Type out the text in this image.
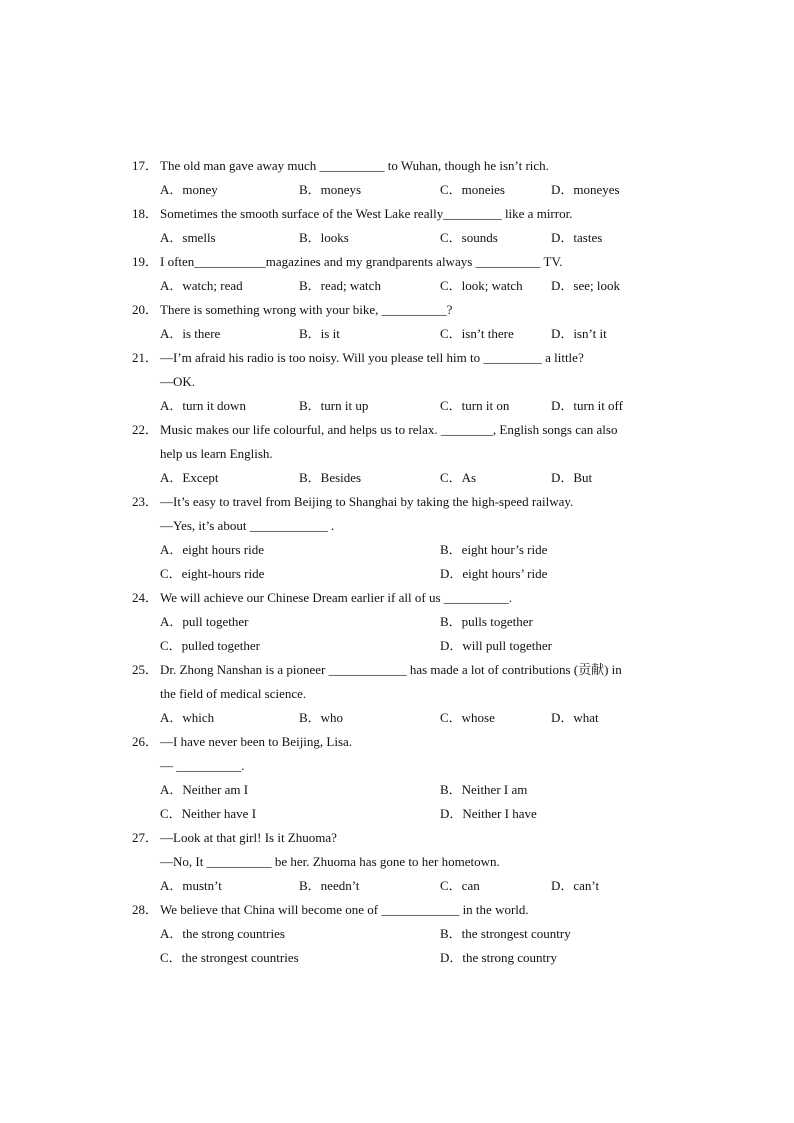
17． The old man gave away much __________ to Wuhan, though he isn’t rich.
A．money	B．moneys	C．moneies	D．moneyes
18． Sometimes the smooth surface of the West Lake really_________ like a mirror.
A．smells	B．looks	C．sounds	D．tastes
19． I often___________magazines and my grandparents always __________ TV.
A．watch; read	B．read; watch	C．look; watch D．see; look
20． There is something wrong with your bike, __________?
A．is there	B．is it	C．isn’t there	D．isn’t it
21． —I’m afraid his radio is too noisy. Will you please tell him to _________ a little?
—OK.
A．turn it down	B．turn it up	C．turn it on	D．turn it off
22． Music makes our life colourful, and helps us to relax. ________, English songs can also
help us learn English.
A．Except	B．Besides	C．As	D．But
23． —It’s easy to travel from Beijing to Shanghai by taking the high-speed railway.
—Yes, it’s about ____________ .
A．eight hours ride	B．eight hour’s ride
C．eight-hours ride	D．eight hours’ ride
24． We will achieve our Chinese Dream earlier if all of us __________.
A．pull together	B．pulls together
C．pulled together	D．will pull together
25． Dr. Zhong Nanshan is a pioneer ____________ has made a lot of contributions (贡献) in
the field of medical science.
A．which	B．who	C．whose	D．what
26． —I have never been to Beijing, Lisa.
— __________.
A．Neither am I	B．Neither I am
C．Neither have I	D．Neither I have
27． —Look at that girl! Is it Zhuoma?
—No, It __________ be her. Zhuoma has gone to her hometown.
A．mustn’t	B．needn’t	C．can	D．can’t
28． We believe that China will become one of ____________ in the world.
A．the strong countries	B．the strongest country
C．the strongest countries	D．the strong country
